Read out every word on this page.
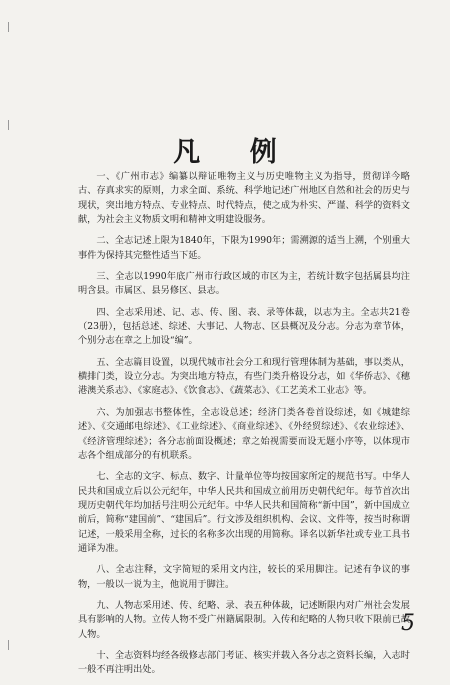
凡 例

一、《广州市志》编纂以辩证唯物主义与历史唯物主义为指导，贯彻详今略古、存真求实的原则，力求全面、系统、科学地记述广州地区自然和社会的历史与现状，突出地方特点、专业特点、时代特点，使之成为朴实、严谨、科学的资料文献，为社会主义物质文明和精神文明建设服务。

二、全志记述上限为1840年，下限为1990年；需溯源的适当上溯，个别重大事件为保持其完整性适当下延。

三、全志以1990年底广州市行政区域的市区为主，若统计数字包括属县均注明含县。市属区、县另修区、县志。

四、全志采用述、记、志、传、图、表、录等体裁，以志为主。全志共21卷（23册），包括总述、综述、大事记、人物志、区县概况及分志。分志为章节体，个别分志在章之上加设“编”。

五、全志篇目设置，以现代城市社会分工和现行管理体制为基础，事以类从，横排门类，设立分志。为突出地方特点，有些门类升格设分志，如《华侨志》、《穗港澳关系志》、《家庭志》、《饮食志》、《蔬菜志》、《工艺美术工业志》等。

六、为加强志书整体性，全志设总述；经济门类各卷首设综述，如《城建综述》、《交通邮电综述》、《工业综述》、《商业综述》、《外经贸综述》、《农业综述》、《经济管理综述》；各分志前面设概述；章之始视需要而设无题小序等，以体现市志各个组成部分的有机联系。

七、全志的文字、标点、数字、计量单位等均按国家所定的规范书写。中华人民共和国成立后以公元纪年，中华人民共和国成立前用历史朝代纪年。每节首次出现历史朝代年均加括号注明公元纪年。中华人民共和国简称“新中国”，新中国成立前后，简称“建国前”、“建国后”。行文涉及组织机构、会议、文件等，按当时称谓记述，一般采用全称，过长的名称多次出现的用简称。译名以新华社或专业工具书通译为准。

八、全志注释，文字简短的采用文内注，较长的采用脚注。记述有争议的事物，一般以一说为主，他说用于脚注。

九、人物志采用述、传、纪略、录、表五种体裁，记述断限内对广州社会发展具有影响的人物。立传人物不受广州籍属限制。入传和纪略的人物只收下限前已故人物。

十、全志资料均经各级修志部门考证、核实并载入各分志之资料长编，入志时一般不再注明出处。

5
